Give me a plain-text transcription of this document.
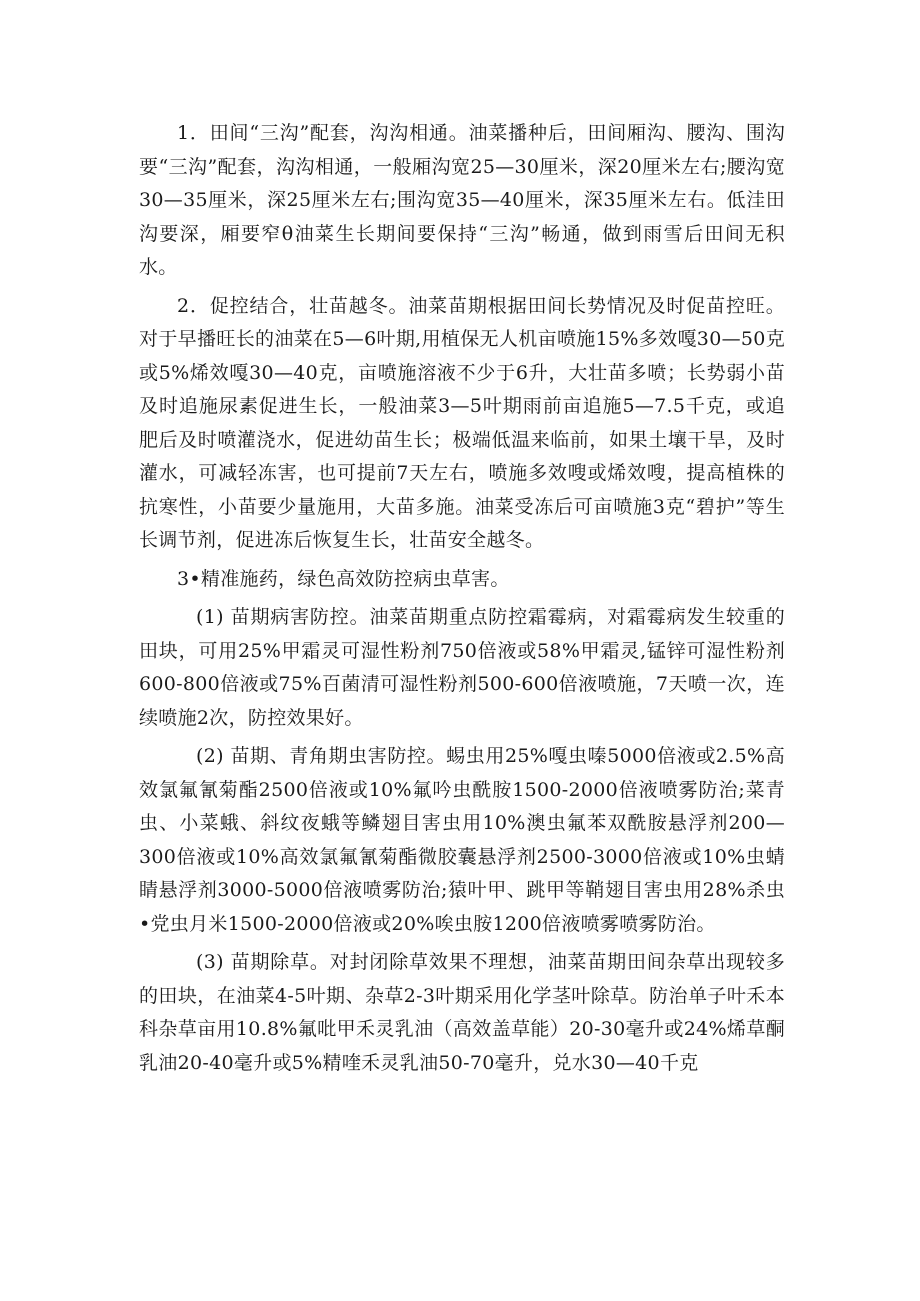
1．田间“三沟”配套，沟沟相通。油菜播种后，田间厢沟、腰沟、围沟要“三沟”配套，沟沟相通，一般厢沟宽25—30厘米，深20厘米左右;腰沟宽30—35厘米，深25厘米左右;围沟宽35—40厘米，深35厘米左右。低洼田沟要深，厢要窄θ油菜生长期间要保持“三沟”畅通，做到雨雪后田间无积水。

2．促控结合，壮苗越冬。油菜苗期根据田间长势情况及时促苗控旺。对于早播旺长的油菜在5—6叶期,用植保无人机亩喷施15%多效嘎30—50克或5%烯效嘎30—40克，亩喷施溶液不少于6升，大壮苗多喷；长势弱小苗及时追施尿素促进生长，一般油菜3—5叶期雨前亩追施5—7.5千克，或追肥后及时喷灌浇水，促进幼苗生长；极端低温来临前，如果土壤干旱，及时灌水，可减轻冻害，也可提前7天左右，喷施多效嗖或烯效嗖，提高植株的抗寒性，小苗要少量施用，大苗多施。油菜受冻后可亩喷施3克“碧护”等生长调节剂，促进冻后恢复生长，壮苗安全越冬。

3•精准施药，绿色高效防控病虫草害。

(1) 苗期病害防控。油菜苗期重点防控霜霉病，对霜霉病发生较重的田块，可用25%甲霜灵可湿性粉剂750倍液或58%甲霜灵,锰锌可湿性粉剂600-800倍液或75%百菌清可湿性粉剂500-600倍液喷施，7天喷一次，连续喷施2次，防控效果好。

(2) 苗期、青角期虫害防控。蜴虫用25%嘎虫嗪5000倍液或2.5%高效氯氟氰菊酯2500倍液或10%氟吟虫酰胺1500-2000倍液喷雾防治;菜青虫、小菜蛾、斜纹夜蛾等鳞翅目害虫用10%澳虫氟苯双酰胺悬浮剂200—300倍液或10%高效氯氟氰菊酯微胶囊悬浮剂2500-3000倍液或10%虫蜻睛悬浮剂3000-5000倍液喷雾防治;猿叶甲、跳甲等鞘翅目害虫用28%杀虫•党虫月米1500-2000倍液或20%唉虫胺1200倍液喷雾喷雾防治。

(3) 苗期除草。对封闭除草效果不理想，油菜苗期田间杂草出现较多的田块，在油菜4-5叶期、杂草2-3叶期采用化学茎叶除草。防治单子叶禾本科杂草亩用10.8%氟吡甲禾灵乳油（高效盖草能）20-30毫升或24%烯草酮乳油20-40毫升或5%精喹禾灵乳油50-70毫升，兑水30—40千克
